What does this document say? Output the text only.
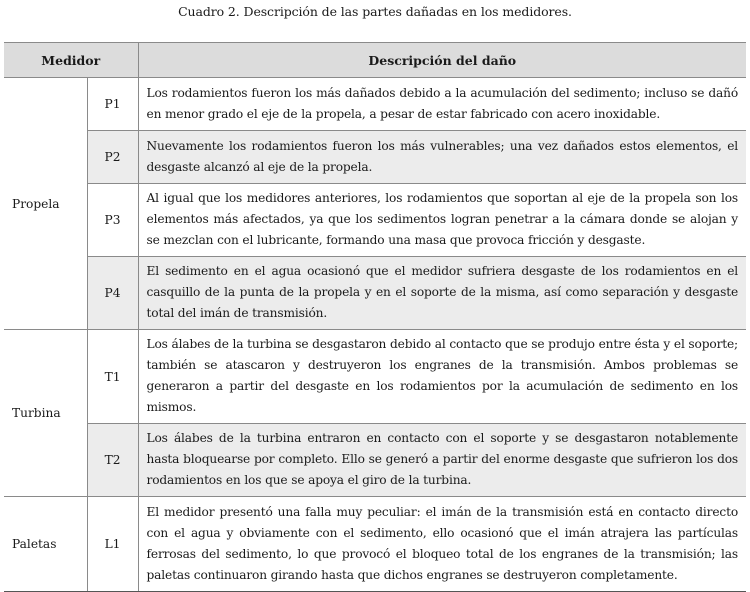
Cuadro 2. Descripción de las partes dañadas en los medidores.
Medidor		Descripción del daño
Propela	P1	Los rodamientos fueron los más dañados debido a la acumulación del sedimento; incluso se dañó en menor grado el eje de la propela, a pesar de estar fabricado con acero inoxidable.
	P2	Nuevamente los rodamientos fueron los más vulnerables; una vez dañados estos elementos, el desgaste alcanzó al eje de la propela.
	P3	Al igual que los medidores anteriores, los rodamientos que soportan al eje de la propela son los elementos más afectados, ya que los sedimentos logran penetrar a la cámara donde se alojan y se mezclan con el lubricante, formando una masa que provoca fricción y desgaste.
	P4	El sedimento en el agua ocasionó que el medidor sufriera desgaste de los rodamientos en el casquillo de la punta de la propela y en el soporte de la misma, así como separación y desgaste total del imán de transmisión.
Turbina	T1	Los álabes de la turbina se desgastaron debido al contacto que se produjo entre ésta y el soporte; también se atascaron y destruyeron los engranes de la transmisión. Ambos problemas se generaron a partir del desgaste en los rodamientos por la acumulación de sedimento en los mismos.
	T2	Los álabes de la turbina entraron en contacto con el soporte y se desgastaron notablemente hasta bloquearse por completo. Ello se generó a partir del enorme desgaste que sufrieron los dos rodamientos en los que se apoya el giro de la turbina.
Paletas	L1	El medidor presentó una falla muy peculiar: el imán de la transmisión está en contacto directo con el agua y obviamente con el sedimento, ello ocasionó que el imán atrajera las partículas ferrosas del sedimento, lo que provocó el bloqueo total de los engranes de la transmisión; las paletas continuaron girando hasta que dichos engranes se destruyeron completamente.
